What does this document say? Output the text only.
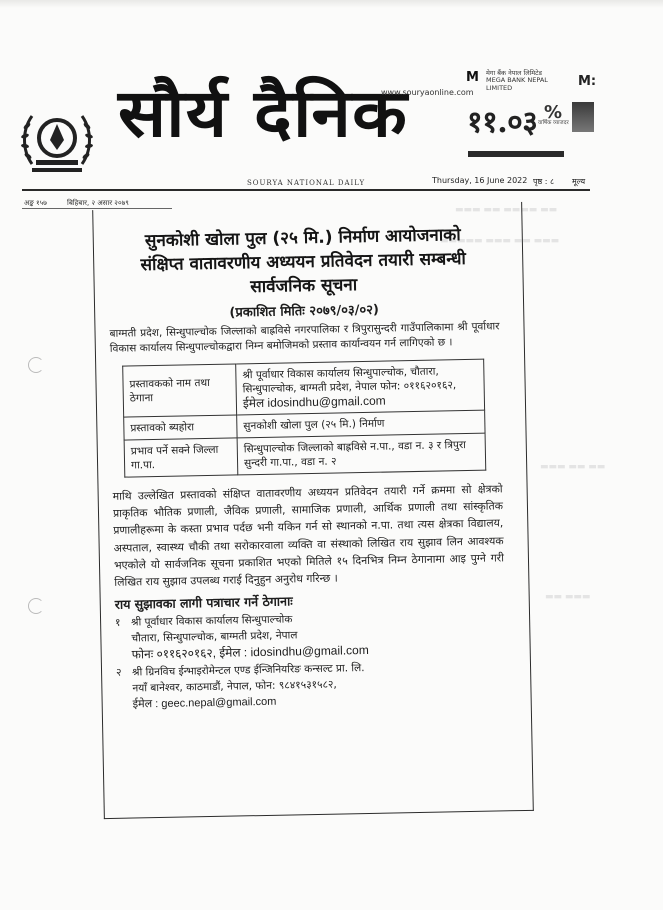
▬▬▬ ▬▬ ▬▬▬▬ ▬▬
▬▬▬▬▬ ▬▬▬ ▬▬ ▬▬▬
▬▬▬ ▬▬ ▬▬
▬▬ ▬▬▬
सौर्य दैनिक
www.souryaonline.com
M मेगा बैंक नेपाल लिमिटेड MEGA BANK NEPAL LIMITED	M:
११.०३ %
वार्षिक व्याजदर
SOURYA NATIONAL DAILY	Thursday, 16 June 2022 पृष्ठ : ८ मूल्य
अङ्क १५७	बिहिबार, २ असार २०७९
सुनकोशी खोला पुल (२५ मि.) निर्माण आयोजनाको
संक्षिप्त वातावरणीय अध्ययन प्रतिवेदन तयारी सम्बन्धी
सार्वजनिक सूचना
(प्रकाशित मितिः २०७९/०३/०२)
बाग्मती प्रदेश, सिन्धुपाल्चोक जिल्लाको बाह्रविसे नगरपालिका र त्रिपुरासुन्दरी गाउँपालिकामा श्री पूर्वाधार विकास कार्यालय सिन्धुपाल्चोकद्वारा निम्न बमोजिमको प्रस्ताव कार्यान्वयन गर्न लागिएको छ ।
प्रस्तावकको नाम तथा ठेगाना	श्री पूर्वाधार विकास कार्यालय सिन्धुपाल्चोक, चौतारा, सिन्धुपाल्चोक, बाग्मती प्रदेश, नेपाल फोन: ०११६२०१६२,
ईमेल idosindhu@gmail.com

प्रस्तावको ब्यहोरा	सुनकोशी खोला पुल (२५ मि.) निर्माण
प्रभाव पर्ने सक्ने जिल्ला गा.पा.	सिन्धुपाल्चोक जिल्लाको बाह्रविसे न.पा., वडा न. ३ र त्रिपुरा सुन्दरी गा.पा., वडा न. २
माथि उल्लेखित प्रस्तावको संक्षिप्त वातावरणीय अध्ययन प्रतिवेदन तयारी गर्ने क्रममा सो क्षेत्रको प्राकृतिक भौतिक प्रणाली, जैविक प्रणाली, सामाजिक प्रणाली, आर्थिक प्रणाली तथा सांस्कृतिक प्रणालीहरूमा के कस्ता प्रभाव पर्दछ भनी यकिन गर्न सो स्थानको न.पा. तथा त्यस क्षेत्रका विद्यालय, अस्पताल, स्वास्थ्य चौकी तथा सरोकारवाला व्यक्ति वा संस्थाको लिखित राय सुझाव लिन आवश्यक भएकोले यो सार्वजनिक सूचना प्रकाशित भएको मितिले १५ दिनभित्र निम्न ठेगानामा आइ पुग्ने गरी लिखित राय सुझाव उपलब्ध गराई दिनुहुन अनुरोध गरिन्छ ।
राय सुझावका लागी पत्राचार गर्ने ठेगानाः
१ श्री पूर्वाधार विकास कार्यालय सिन्धुपाल्चोक
चौतारा, सिन्धुपाल्चोक, बाग्मती प्रदेश, नेपाल
फोनः ०११६२०१६२, ईमेल : idosindhu@gmail.com
२ श्री ग्रिनविच ईन्भाइरोमेन्टल एण्ड ईन्जिनियरिङ कन्सल्ट प्रा. लि.
नयाँ बानेश्वर, काठमाडौं, नेपाल, फोन: ९८४१५३१५८२,
ईमेल : geec.nepal@gmail.com
